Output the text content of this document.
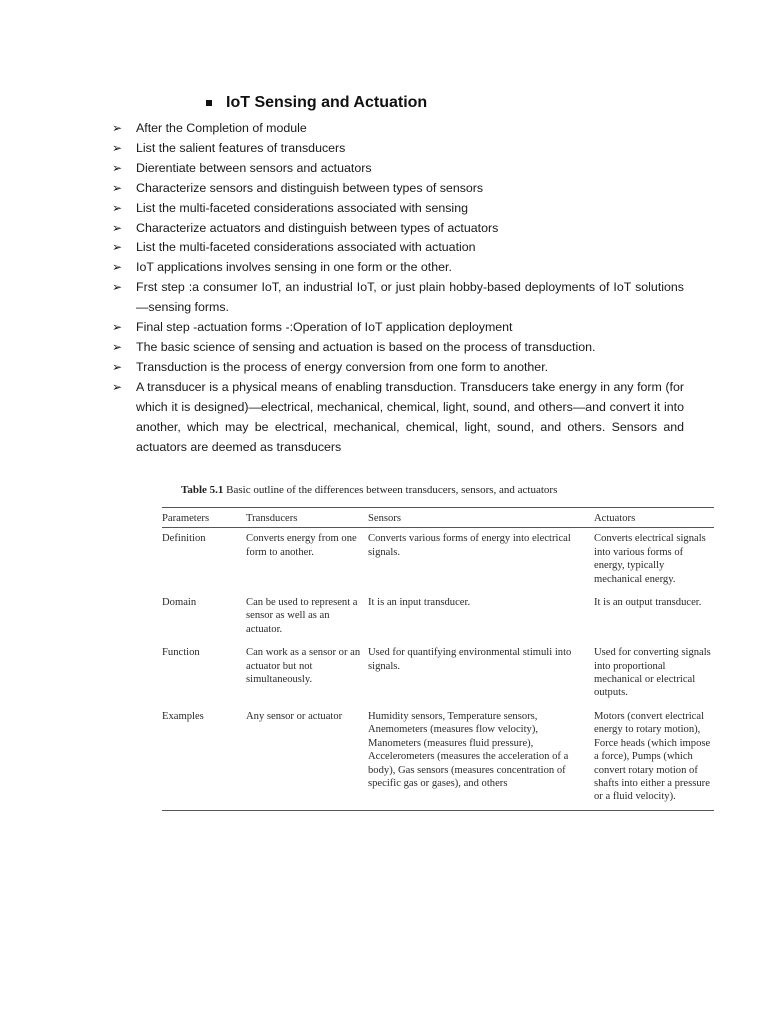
IoT Sensing and Actuation
➢ After the Completion of module
➢ List the salient features of transducers
➢ Dierentiate between sensors and actuators
➢ Characterize sensors and distinguish between types of sensors
➢ List the multi-faceted considerations associated with sensing
➢ Characterize actuators and distinguish between types of actuators
➢ List the multi-faceted considerations associated with actuation
➢ IoT applications involves sensing in one form or the other.
➢ Frst step :a consumer IoT, an industrial IoT, or just plain hobby-based deployments of IoT solutions—sensing forms.
➢ Final step -actuation forms -:Operation of IoT application deployment
➢ The basic science of sensing and actuation is based on the process of transduction.
➢ Transduction is the process of energy conversion from one form to another.
➢ A transducer is a physical means of enabling transduction. Transducers take energy in any form (for which it is designed)—electrical, mechanical, chemical, light, sound, and others—and convert it into another, which may be electrical, mechanical, chemical, light, sound, and others. Sensors and actuators are deemed as transducers
Table 5.1 Basic outline of the differences between transducers, sensors, and actuators
Parameters	Transducers	Sensors	Actuators
Definition	Converts energy from one form to another.	Converts various forms of energy into electrical signals.	Converts electrical signals into various forms of energy, typically mechanical energy.
Domain	Can be used to represent a sensor as well as an actuator.	It is an input transducer.	It is an output transducer.
Function	Can work as a sensor or an actuator but not simultaneously.	Used for quantifying environmental stimuli into signals.	Used for converting signals into proportional mechanical or electrical outputs.
Examples	Any sensor or actuator	Humidity sensors, Temperature sensors, Anemometers (measures flow velocity), Manometers (measures fluid pressure), Accelerometers (measures the acceleration of a body), Gas sensors (measures concentration of specific gas or gases), and others	Motors (convert electrical energy to rotary motion), Force heads (which impose a force), Pumps (which convert rotary motion of shafts into either a pressure or a fluid velocity).
